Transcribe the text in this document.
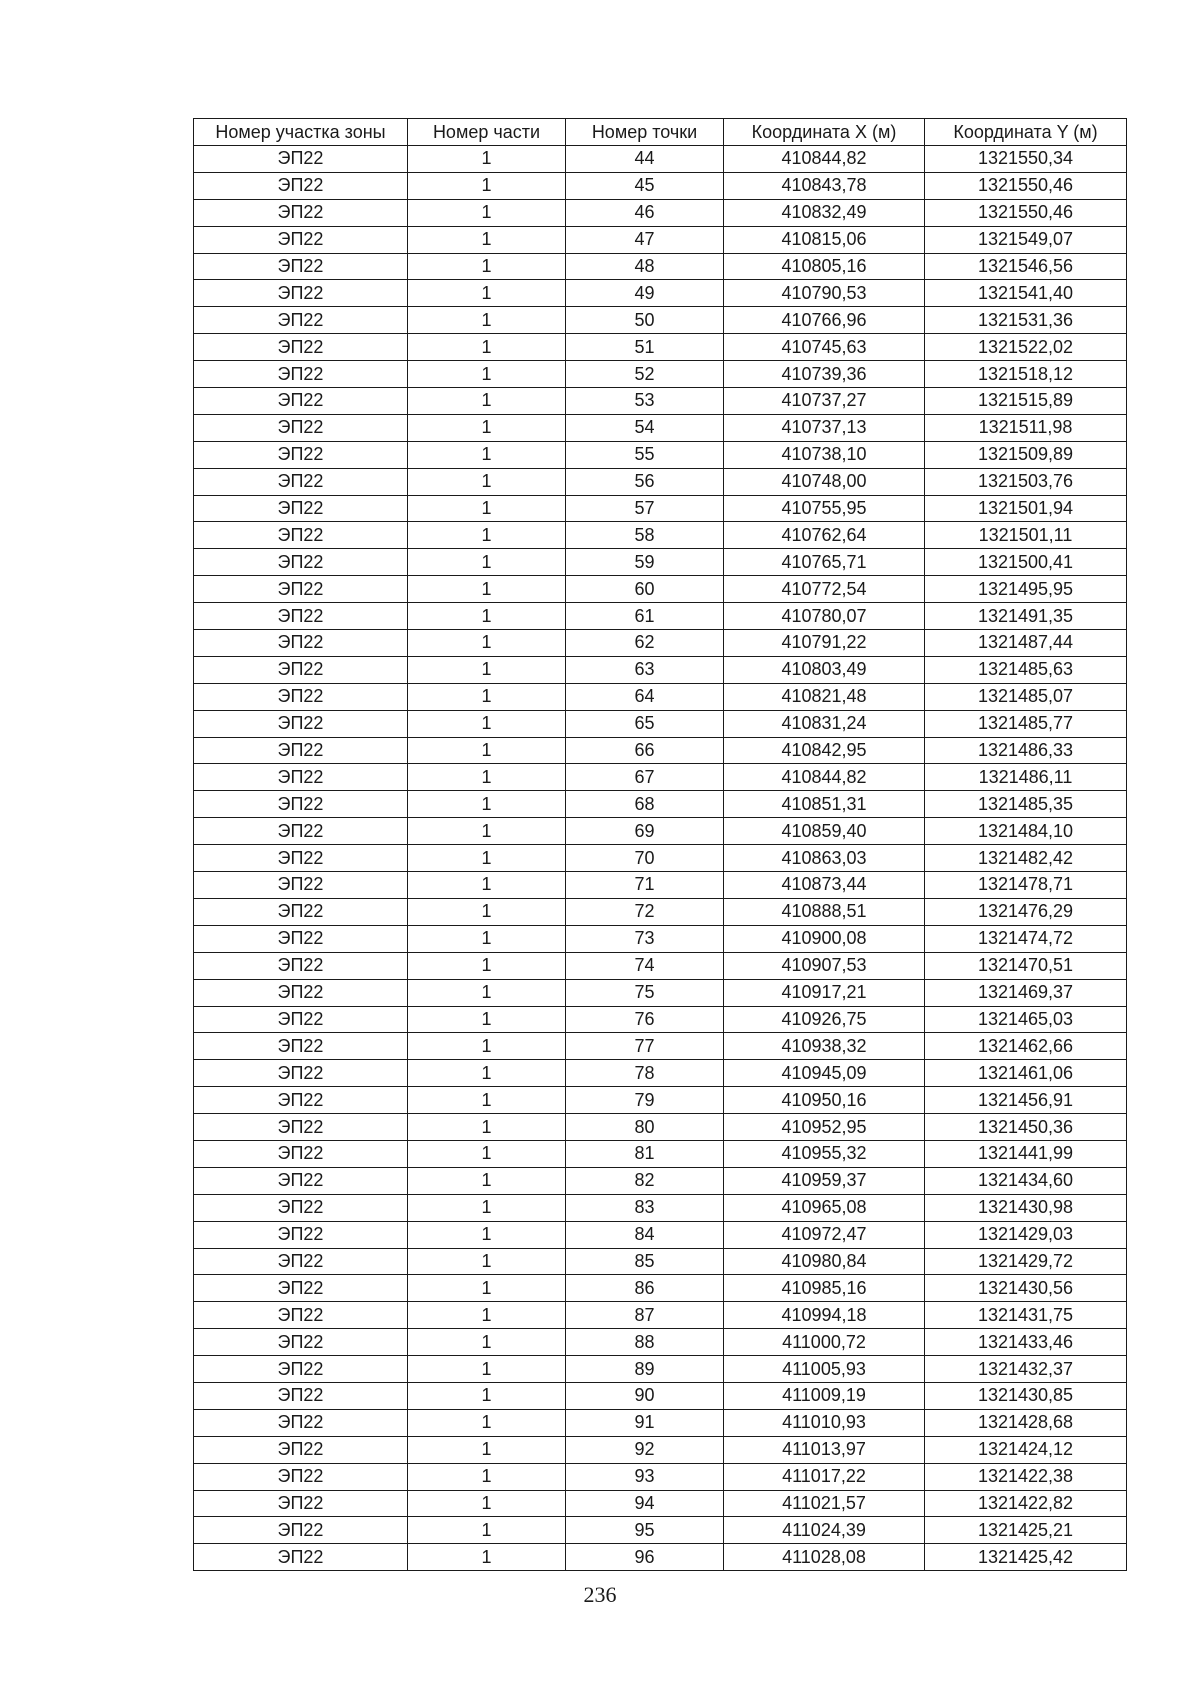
Номер участка зоны	Номер части	Номер точки	Координата X (м)	Координата Y (м)
ЭП22	1	44	410844,82	1321550,34
ЭП22	1	45	410843,78	1321550,46
ЭП22	1	46	410832,49	1321550,46
ЭП22	1	47	410815,06	1321549,07
ЭП22	1	48	410805,16	1321546,56
ЭП22	1	49	410790,53	1321541,40
ЭП22	1	50	410766,96	1321531,36
ЭП22	1	51	410745,63	1321522,02
ЭП22	1	52	410739,36	1321518,12
ЭП22	1	53	410737,27	1321515,89
ЭП22	1	54	410737,13	1321511,98
ЭП22	1	55	410738,10	1321509,89
ЭП22	1	56	410748,00	1321503,76
ЭП22	1	57	410755,95	1321501,94
ЭП22	1	58	410762,64	1321501,11
ЭП22	1	59	410765,71	1321500,41
ЭП22	1	60	410772,54	1321495,95
ЭП22	1	61	410780,07	1321491,35
ЭП22	1	62	410791,22	1321487,44
ЭП22	1	63	410803,49	1321485,63
ЭП22	1	64	410821,48	1321485,07
ЭП22	1	65	410831,24	1321485,77
ЭП22	1	66	410842,95	1321486,33
ЭП22	1	67	410844,82	1321486,11
ЭП22	1	68	410851,31	1321485,35
ЭП22	1	69	410859,40	1321484,10
ЭП22	1	70	410863,03	1321482,42
ЭП22	1	71	410873,44	1321478,71
ЭП22	1	72	410888,51	1321476,29
ЭП22	1	73	410900,08	1321474,72
ЭП22	1	74	410907,53	1321470,51
ЭП22	1	75	410917,21	1321469,37
ЭП22	1	76	410926,75	1321465,03
ЭП22	1	77	410938,32	1321462,66
ЭП22	1	78	410945,09	1321461,06
ЭП22	1	79	410950,16	1321456,91
ЭП22	1	80	410952,95	1321450,36
ЭП22	1	81	410955,32	1321441,99
ЭП22	1	82	410959,37	1321434,60
ЭП22	1	83	410965,08	1321430,98
ЭП22	1	84	410972,47	1321429,03
ЭП22	1	85	410980,84	1321429,72
ЭП22	1	86	410985,16	1321430,56
ЭП22	1	87	410994,18	1321431,75
ЭП22	1	88	411000,72	1321433,46
ЭП22	1	89	411005,93	1321432,37
ЭП22	1	90	411009,19	1321430,85
ЭП22	1	91	411010,93	1321428,68
ЭП22	1	92	411013,97	1321424,12
ЭП22	1	93	411017,22	1321422,38
ЭП22	1	94	411021,57	1321422,82
ЭП22	1	95	411024,39	1321425,21
ЭП22	1	96	411028,08	1321425,42
236
